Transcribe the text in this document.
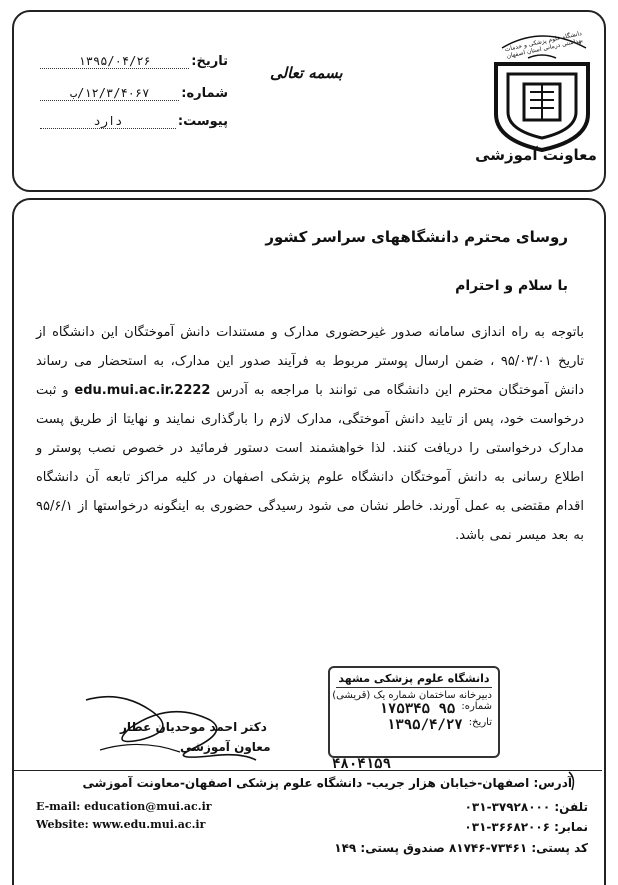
دانشگاه علوم پزشکی و خدمات بهداشتی درمانی استان اصفهان
معاونت آموزشی
بسمه تعالی
تاریخ:
۱۳۹۵/۰۴/۲۶
شماره:
۱۲/۳/۴۰۶۷/ب
پیوست:
دارد
روسای محترم دانشگاههای سراسر کشور
با سلام و احترام
باتوجه به راه اندازی سامانه صدور غیرحضوری مدارک و مستندات دانش آموختگان این دانشگاه از تاریخ ۹۵/۰۳/۰۱ ، ضمن ارسال پوستر مربوط به فرآیند صدور این مدارک، به استحضار می رساند دانش آموختگان محترم این دانشگاه می توانند با مراجعه به آدرس edu.mui.ac.ir.2222 و ثبت درخواست خود، پس از تایید دانش آموختگی، مدارک لازم را بارگذاری نمایند و نهایتا از طریق پست مدارک درخواستی را دریافت کنند. لذا خواهشمند است دستور فرمائید در خصوص نصب پوستر و اطلاع رسانی به دانش آموختگان دانشگاه علوم پزشکی اصفهان در کلیه مراکز تابعه آن دانشگاه اقدام مقتضی به عمل آورند. خاطر نشان می شود رسیدگی حضوری به اینگونه درخواستها از ۹۵/۶/۱ به بعد میسر نمی باشد.
دانشگاه علوم پزشکی مشهد
دبیرخانه ساختمان شماره یک (قریشی)
شماره:
۹۵ ۱۷۵۳۴۵
تاریخ:
۱۳۹۵/۴/۲۷
۴۸۰۴۱۵۹
دکتر احمد موحدیان عطار
معاون آموزشی
آدرس: اصفهان-خیابان هزار جریب- دانشگاه علوم پزشکی اصفهان-معاونت آموزشی
تلفن: ۳۷۹۲۸۰۰۰-۰۳۱
نمابر: ۳۶۶۸۲۰۰۶-۰۳۱
کد پستی: ۷۳۴۶۱-۸۱۷۴۶ صندوق پستی: ۱۴۹
E-mail: education@mui.ac.ir
Website: www.edu.mui.ac.ir
